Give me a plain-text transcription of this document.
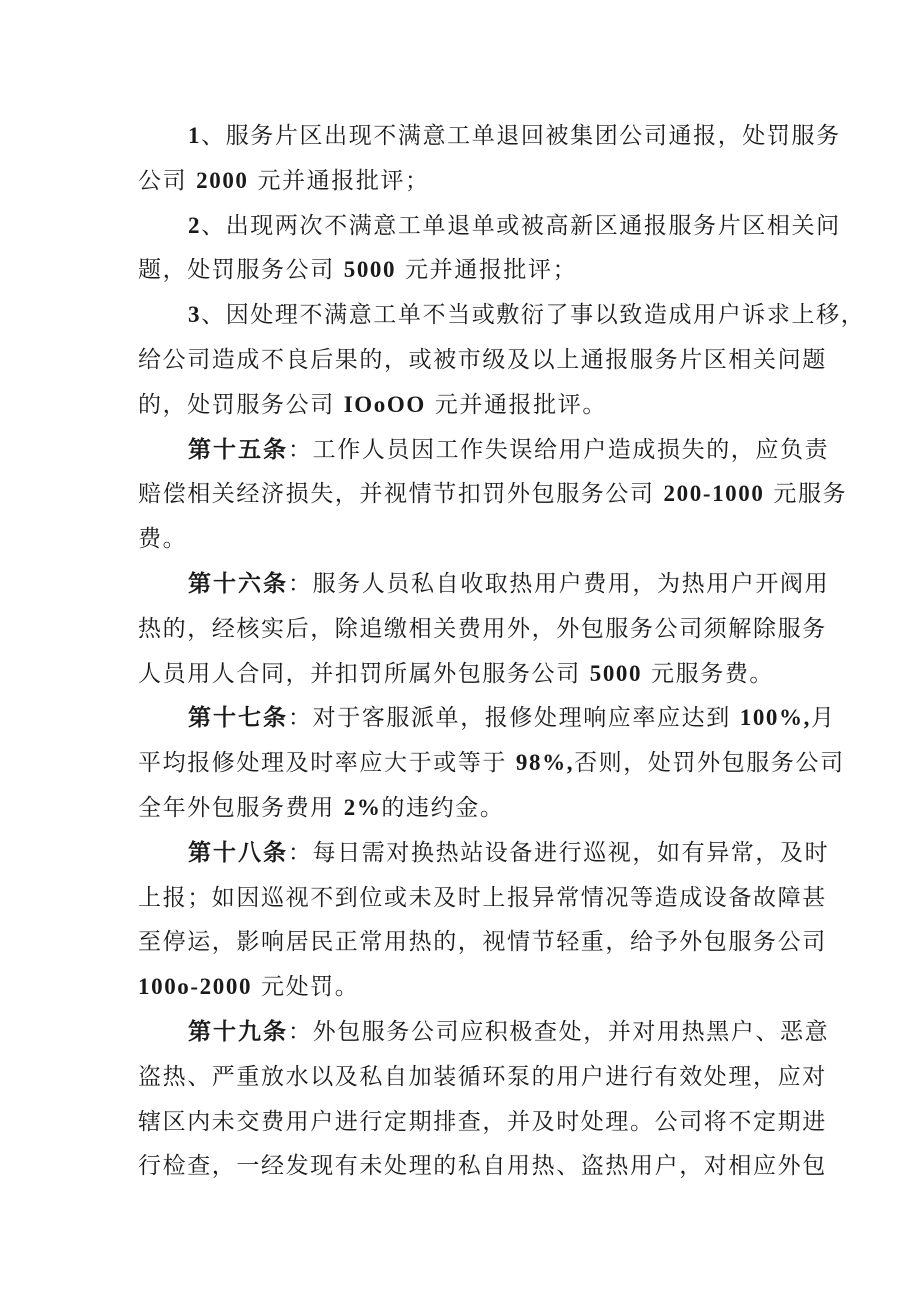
1、服务片区出现不满意工单退回被集团公司通报，处罚服务
公司 2000 元并通报批评；

2、出现两次不满意工单退单或被高新区通报服务片区相关问
题，处罚服务公司 5000 元并通报批评；

3、因处理不满意工单不当或敷衍了事以致造成用户诉求上移，
给公司造成不良后果的，或被市级及以上通报服务片区相关问题
的，处罚服务公司 IOoOO 元并通报批评。

第十五条：工作人员因工作失误给用户造成损失的，应负责
赔偿相关经济损失，并视情节扣罚外包服务公司 200-1000 元服务
费。

第十六条：服务人员私自收取热用户费用，为热用户开阀用
热的，经核实后，除追缴相关费用外，外包服务公司须解除服务
人员用人合同，并扣罚所属外包服务公司 5000 元服务费。

第十七条：对于客服派单，报修处理响应率应达到 100%,月
平均报修处理及时率应大于或等于 98%,否则，处罚外包服务公司
全年外包服务费用 2%的违约金。

第十八条：每日需对换热站设备进行巡视，如有异常，及时
上报；如因巡视不到位或未及时上报异常情况等造成设备故障甚
至停运，影响居民正常用热的，视情节轻重，给予外包服务公司
100o-2000 元处罚。

第十九条：外包服务公司应积极查处，并对用热黑户、恶意
盗热、严重放水以及私自加装循环泵的用户进行有效处理，应对
辖区内未交费用户进行定期排查，并及时处理。公司将不定期进
行检查，一经发现有未处理的私自用热、盗热用户，对相应外包
